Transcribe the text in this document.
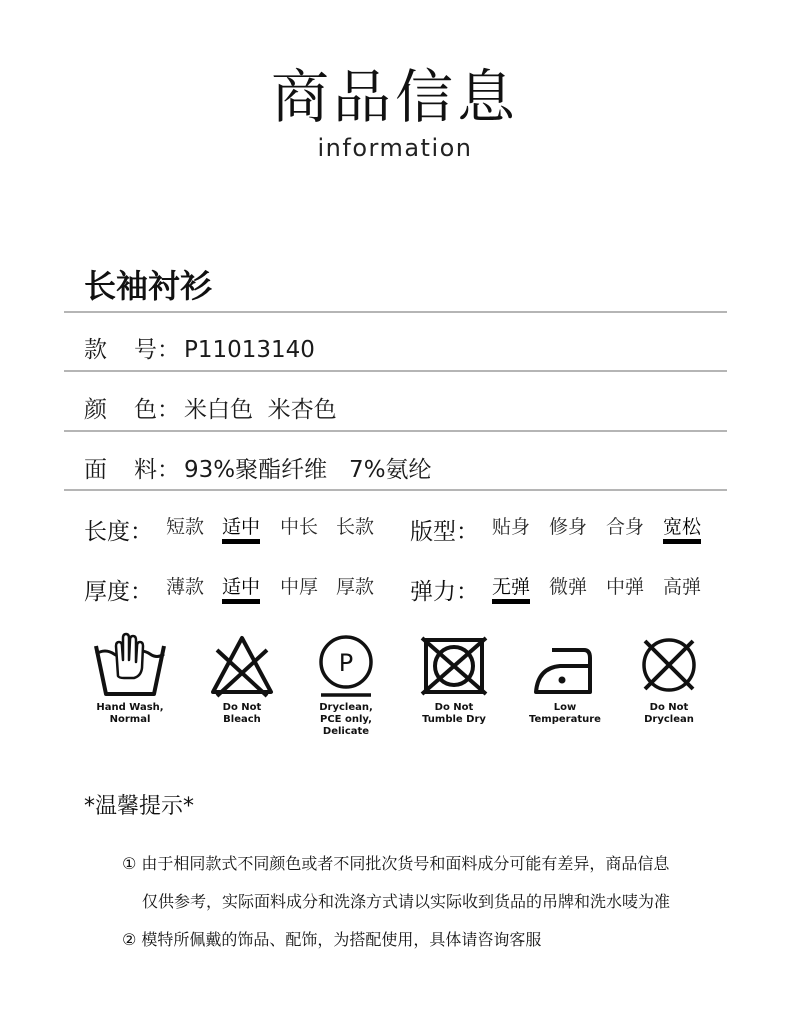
商品信息
information
长袖衬衫
款 号： P11013140
颜 色： 米白色  米杏色
面 料： 93%聚酯纤维   7%氨纶
长度： 短款 适中 中长 长款 版型： 贴身 修身 合身 宽松
厚度： 薄款 适中 中厚 厚款 弹力： 无弹 微弹 中弹 高弹
Hand Wash,
Normal
Do Not
Bleach
P
Dryclean,
PCE only,
Delicate
Do Not
Tumble Dry
Low
Temperature
Do Not
Dryclean
*温馨提示*
① 由于相同款式不同颜色或者不同批次货号和面料成分可能有差异，商品信息
仅供参考，实际面料成分和洗涤方式请以实际收到货品的吊牌和洗水唛为准
② 模特所佩戴的饰品、配饰，为搭配使用，具体请咨询客服
